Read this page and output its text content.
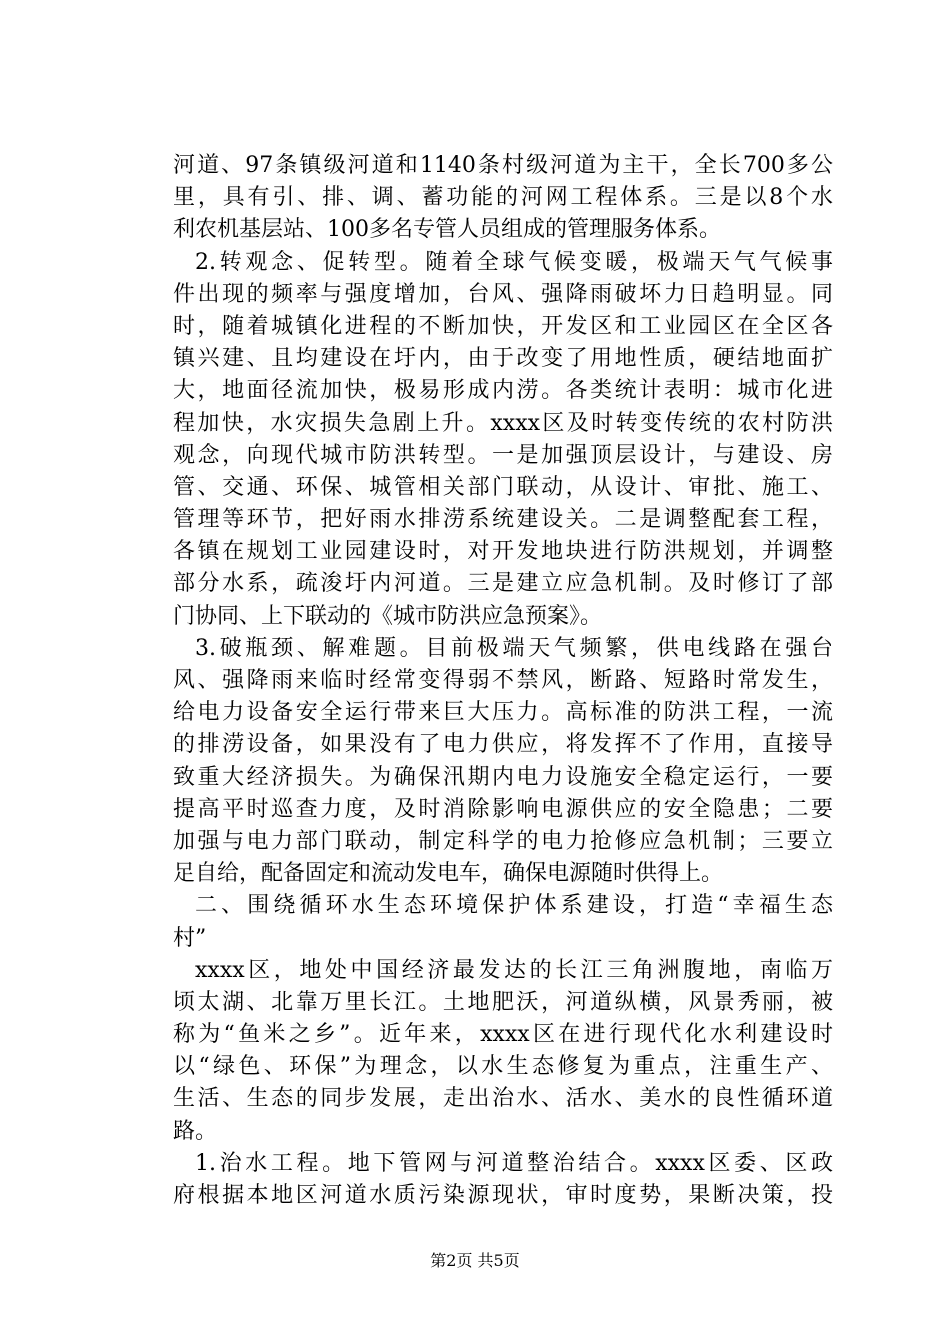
河道、97条镇级河道和1140条村级河道为主干，全长700多公
里，具有引、排、调、蓄功能的河网工程体系。三是以8个水
利农机基层站、100多名专管人员组成的管理服务体系。
2.转观念、促转型。随着全球气候变暖，极端天气气候事
件出现的频率与强度增加，台风、强降雨破坏力日趋明显。同
时，随着城镇化进程的不断加快，开发区和工业园区在全区各
镇兴建、且均建设在圩内，由于改变了用地性质，硬结地面扩
大，地面径流加快，极易形成内涝。各类统计表明：城市化进
程加快，水灾损失急剧上升。xxxx区及时转变传统的农村防洪
观念，向现代城市防洪转型。一是加强顶层设计，与建设、房
管、交通、环保、城管相关部门联动，从设计、审批、施工、
管理等环节，把好雨水排涝系统建设关。二是调整配套工程，
各镇在规划工业园建设时，对开发地块进行防洪规划，并调整
部分水系，疏浚圩内河道。三是建立应急机制。及时修订了部
门协同、上下联动的《城市防洪应急预案》。
3.破瓶颈、解难题。目前极端天气频繁，供电线路在强台
风、强降雨来临时经常变得弱不禁风，断路、短路时常发生，
给电力设备安全运行带来巨大压力。高标准的防洪工程，一流
的排涝设备，如果没有了电力供应，将发挥不了作用，直接导
致重大经济损失。为确保汛期内电力设施安全稳定运行，一要
提高平时巡查力度，及时消除影响电源供应的安全隐患；二要
加强与电力部门联动，制定科学的电力抢修应急机制；三要立
足自给，配备固定和流动发电车，确保电源随时供得上。
二、围绕循环水生态环境保护体系建设，打造“幸福生态
村”
xxxx区，地处中国经济最发达的长江三角洲腹地，南临万
顷太湖、北靠万里长江。土地肥沃，河道纵横，风景秀丽，被
称为“鱼米之乡”。近年来，xxxx区在进行现代化水利建设时
以“绿色、环保”为理念，以水生态修复为重点，注重生产、
生活、生态的同步发展，走出治水、活水、美水的良性循环道
路。
1.治水工程。地下管网与河道整治结合。xxxx区委、区政
府根据本地区河道水质污染源现状，审时度势，果断决策，投
第2页 共5页
